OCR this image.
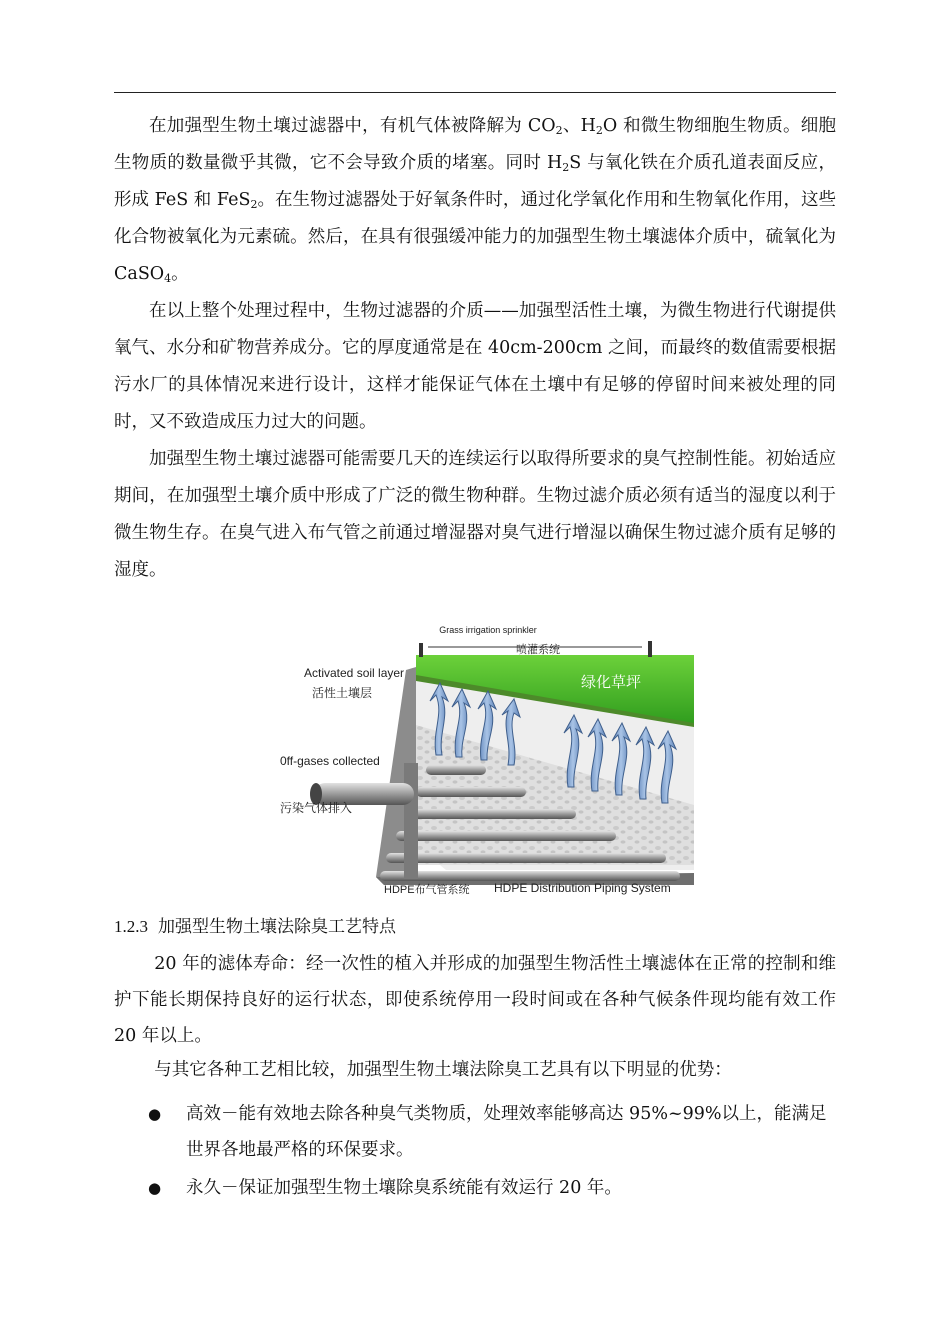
在加强型生物土壤过滤器中，有机气体被降解为 $CO_2$、$H_2O$ 和微生物细胞生物质。细胞生物质的数量微乎其微，它不会导致介质的堵塞。同时 $H_2S$ 与氧化铁在介质孔道表面反应，形成 FeS 和 FeS$_2$。在生物过滤器处于好氧条件时，通过化学氧化作用和生物氧化作用，这些化合物被氧化为元素硫。然后，在具有很强缓冲能力的加强型生物土壤滤体介质中，硫氧化为 CaSO$_4$。

在以上整个处理过程中，生物过滤器的介质——加强型活性土壤，为微生物进行代谢提供氧气、水分和矿物营养成分。它的厚度通常是在 40cm-200cm 之间，而最终的数值需要根据污水厂的具体情况来进行设计，这样才能保证气体在土壤中有足够的停留时间来被处理的同时，又不致造成压力过大的问题。

加强型生物土壤过滤器可能需要几天的连续运行以取得所要求的臭气控制性能。初始适应期间，在加强型土壤介质中形成了广泛的微生物种群。生物过滤介质必须有适当的湿度以利于微生物生存。在臭气进入布气管之前通过增湿器对臭气进行增湿以确保生物过滤介质有足够的湿度。

Grass irrigation sprinkler
喷灌系统
Activated soil layer
活性土壤层
绿化草坪
0ff-gases collected
污染气体排入
HDPE布气管系统 HDPE Distribution Piping System
1.2.3 加强型生物土壤法除臭工艺特点

20 年的滤体寿命：经一次性的植入并形成的加强型生物活性土壤滤体在正常的控制和维护下能长期保持良好的运行状态，即使系统停用一段时间或在各种气候条件现均能有效工作 20 年以上。

与其它各种工艺相比较，加强型生物土壤法除臭工艺具有以下明显的优势：

● 高效－能有效地去除各种臭气类物质，处理效率能够高达 95%~99%以上，能满足世界各地最严格的环保要求。
● 永久－保证加强型生物土壤除臭系统能有效运行 20 年。
